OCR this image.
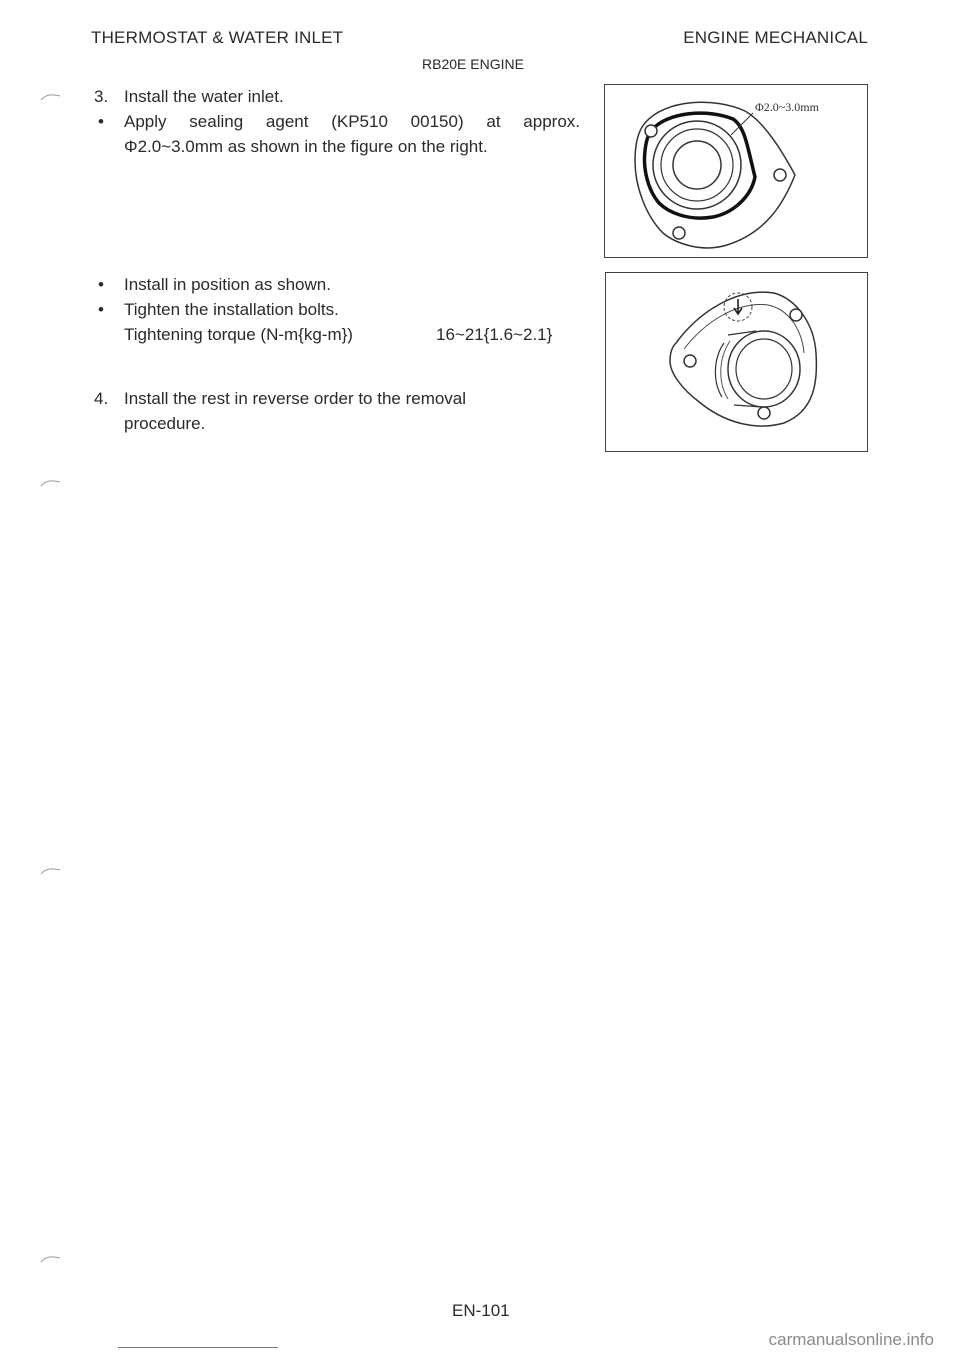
THERMOSTAT & WATER INLET	ENGINE MECHANICAL
RB20E ENGINE
3. Install the water inlet.
•	Apply sealing agent (KP510 00150) at approx.
Φ2.0~3.0mm as shown in the figure on the right.
•	Install in position as shown.
•	Tighten the installation bolts.
Tightening torque (N-m{kg-m})	16~21{1.6~2.1}
4. Install the rest in reverse order to the removal
procedure.
Φ2.0~3.0mm
EN-101
carmanualsonline.info
